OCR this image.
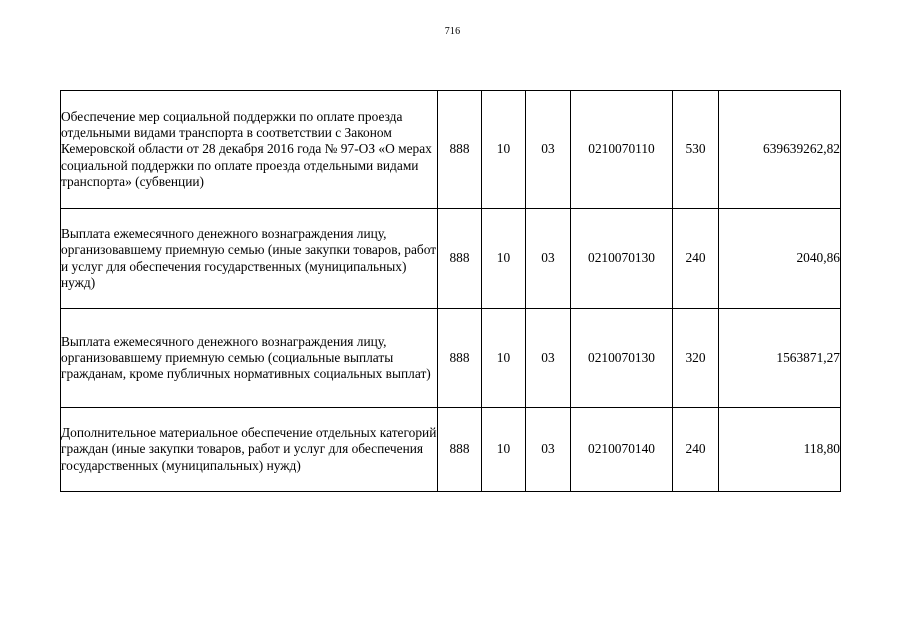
716
Обеспечение мер социальной поддержки по оплате проезда отдельными видами транспорта в соответствии с Законом Кемеровской области от 28 декабря 2016 года № 97-ОЗ «О мерах социальной поддержки по оплате проезда отдельными видами транспорта» (субвенции)	888	10	03	0210070110	530	639639262,82
Выплата ежемесячного денежного вознаграждения лицу, организовавшему приемную семью (иные закупки товаров, работ и услуг для обеспечения государственных (муниципальных) нужд)	888	10	03	0210070130	240	2040,86
Выплата ежемесячного денежного вознаграждения лицу, организовавшему приемную семью (социальные выплаты гражданам, кроме публичных нормативных социальных выплат)	888	10	03	0210070130	320	1563871,27
Дополнительное материальное обеспечение отдельных категорий граждан (иные закупки товаров, работ и услуг для обеспечения государственных (муниципальных) нужд)	888	10	03	0210070140	240	118,80
